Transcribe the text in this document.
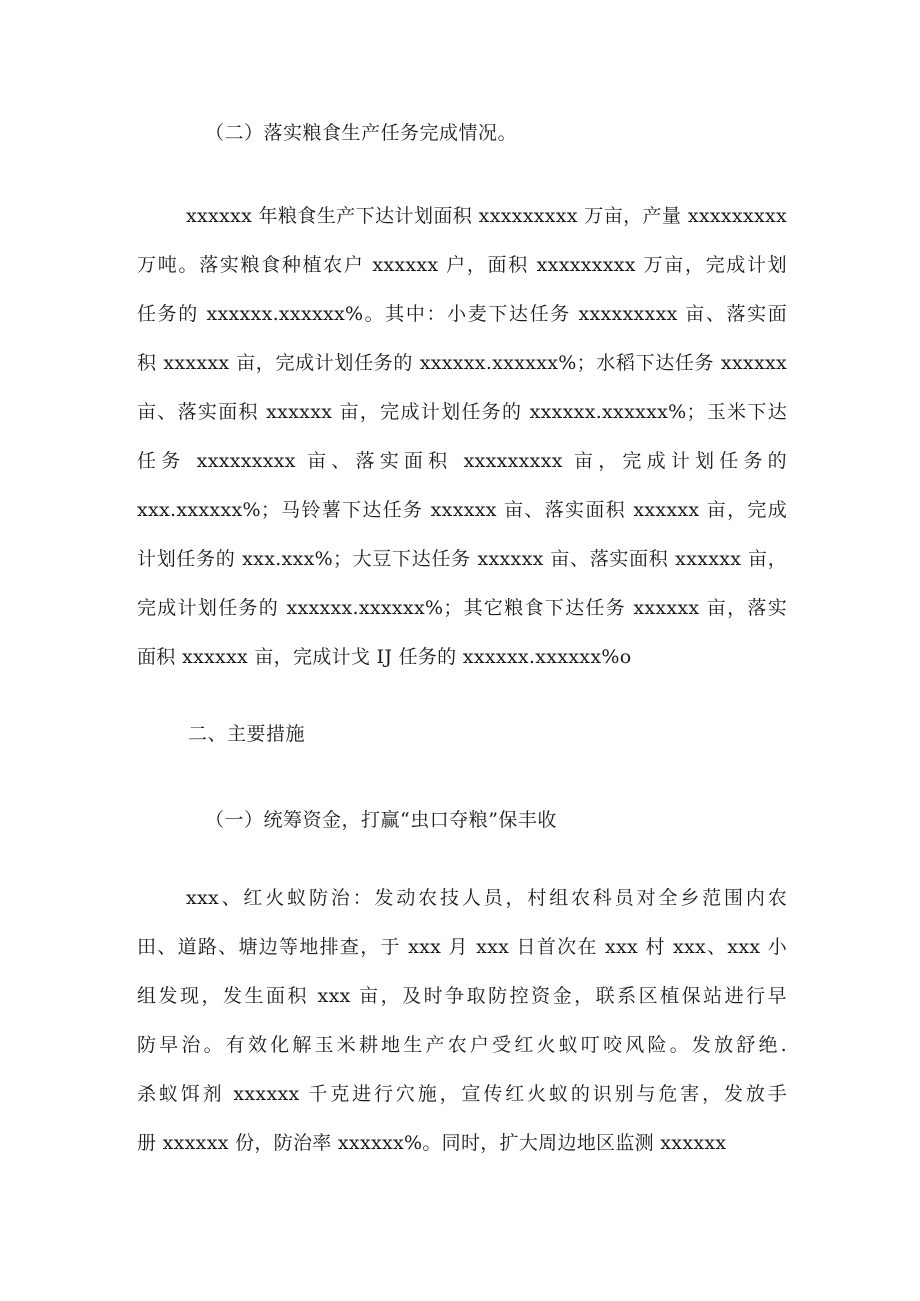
（二）落实粮食生产任务完成情况。
xxxxxx 年粮食生产下达计划面积 xxxxxxxxx 万亩，产量 xxxxxxxxx
万吨。落实粮食种植农户 xxxxxx 户，面积 xxxxxxxxx 万亩，完成计划
任务的 xxxxxx.xxxxxx%。其中：小麦下达任务 xxxxxxxxx 亩、落实面
积 xxxxxx 亩，完成计划任务的 xxxxxx.xxxxxx%；水稻下达任务 xxxxxx
亩、落实面积 xxxxxx 亩，完成计划任务的 xxxxxx.xxxxxx%；玉米下达
任务 xxxxxxxxx 亩、落实面积 xxxxxxxxx 亩，完成计划任务的
xxx.xxxxxx%；马铃薯下达任务 xxxxxx 亩、落实面积 xxxxxx 亩，完成
计划任务的 xxx.xxx%；大豆下达任务 xxxxxx 亩、落实面积 xxxxxx 亩，
完成计划任务的 xxxxxx.xxxxxx%；其它粮食下达任务 xxxxxx 亩，落实
面积 xxxxxx 亩，完成计戈 IJ 任务的 xxxxxx.xxxxxx%o
二、主要措施
（一）统筹资金，打赢“虫口夺粮”保丰收
xxx、红火蚁防治：发动农技人员，村组农科员对全乡范围内农
田、道路、塘边等地排查，于 xxx 月 xxx 日首次在 xxx 村 xxx、xxx 小
组发现，发生面积 xxx 亩，及时争取防控资金，联系区植保站进行早
防早治。有效化解玉米耕地生产农户受红火蚁叮咬风险。发放舒绝.
杀蚁饵剂 xxxxxx 千克进行穴施，宣传红火蚁的识别与危害，发放手
册 xxxxxx 份，防治率 xxxxxx%。同时，扩大周边地区监测 xxxxxx
